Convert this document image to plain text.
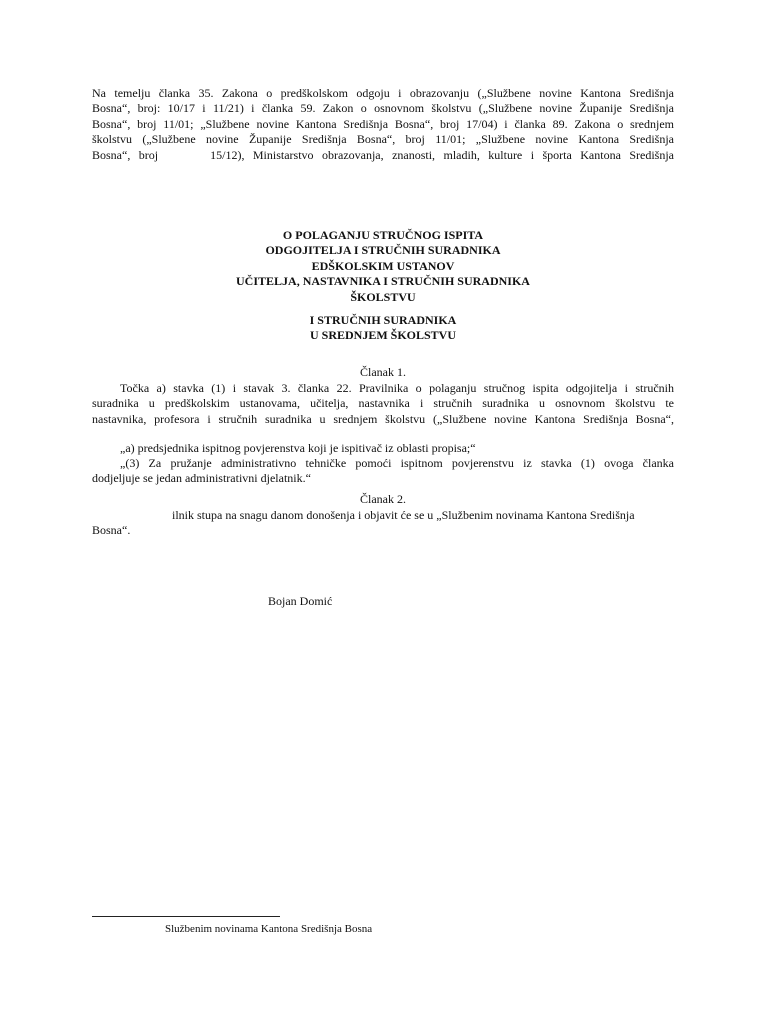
Na temelju članka 35. Zakona o predškolskom odgoju i obrazovanju („Službene novine Kantona Središnja
Bosna“, broj: 10/17 i 11/21) i članka 59. Zakon o osnovnom školstvu („Službene novine Županije Središnja
Bosna“, broj 11/01; „Službene novine Kantona Središnja Bosna“, broj 17/04) i članka 89. Zakona o srednjem
školstvu („Službene novine Županije Središnja Bosna“, broj 11/01; „Službene novine Kantona Središnja
Bosna“, broj	15/12), Ministarstvo obrazovanja, znanosti, mladih, kulture i športa Kantona Središnja
O POLAGANJU STRUČNOG ISPITA
ODGOJITELJA I STRUČNIH SURADNIKA
EDŠKOLSKIM USTANOV
UČITELJA, NASTAVNIKA I STRUČNIH SURADNIKA
ŠKOLSTVU
I STRUČNIH SURADNIKA
U SREDNJEM ŠKOLSTVU
Članak 1.
Točka a) stavka (1) i stavak 3. članka 22. Pravilnika o polaganju stručnog ispita odgojitelja i stručnih
suradnika u predškolskim ustanovama, učitelja, nastavnika i stručnih suradnika u osnovnom školstvu te
nastavnika, profesora i stručnih suradnika u srednjem školstvu („Službene novine Kantona Središnja Bosna“,
„a) predsjednika ispitnog povjerenstva koji je ispitivač iz oblasti propisa;“
„(3) Za pružanje administrativno tehničke pomoći ispitnom povjerenstvu iz stavka (1) ovoga članka
dodjeljuje se jedan administrativni djelatnik.“
Članak 2.
ilnik stupa na snagu danom donošenja i objavit će se u „Službenim novinama Kantona Središnja
Bosna“.
Bojan Domić
Službenim novinama Kantona Središnja Bosna
